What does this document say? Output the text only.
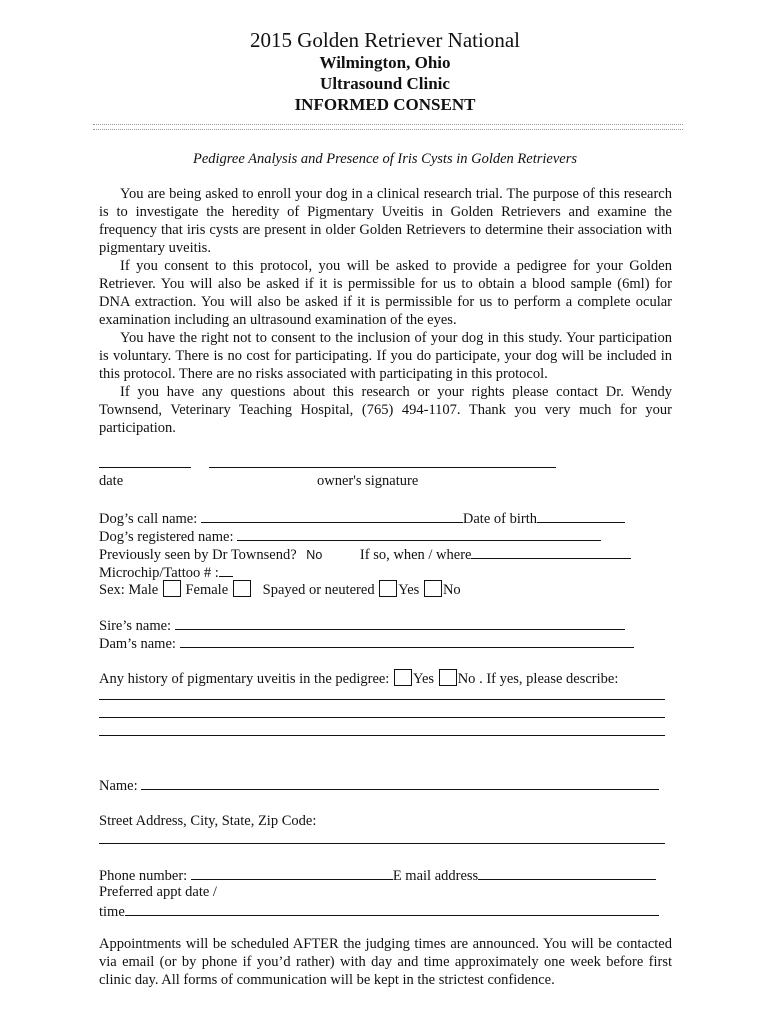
2015 Golden Retriever National
Wilmington, Ohio
Ultrasound Clinic
INFORMED CONSENT
Pedigree Analysis and Presence of Iris Cysts in Golden Retrievers

You are being asked to enroll your dog in a clinical research trial. The purpose of this research is to investigate the heredity of Pigmentary Uveitis in Golden Retrievers and examine the frequency that iris cysts are present in older Golden Retrievers to determine their association with pigmentary uveitis.

If you consent to this protocol, you will be asked to provide a pedigree for your Golden Retriever. You will also be asked if it is permissible for us to obtain a blood sample (6ml) for DNA extraction. You will also be asked if it is permissible for us to perform a complete ocular examination including an ultrasound examination of the eyes.

You have the right not to consent to the inclusion of your dog in this study. Your participation is voluntary. There is no cost for participating. If you do participate, your dog will be included in this protocol. There are no risks associated with participating in this protocol.

If you have any questions about this research or your rights please contact Dr. Wendy Townsend, Veterinary Teaching Hospital, (765) 494-1107. Thank you very much for your participation.

date	owner's signature
Dog’s call name:	Date of birth
Dog’s registered name:
Previously seen by Dr Townsend? No	If so, when / where
Microchip/Tattoo # :
Sex: Male Female Spayed or neutered Yes No
Sire’s name:
Dam’s name:
Any history of pigmentary uveitis in the pedigree: Yes No . If yes, please describe:
Name:
Street Address, City, State, Zip Code:
Phone number:	E mail address
Preferred appt date /
time
Appointments will be scheduled AFTER the judging times are announced. You will be contacted via email (or by phone if you’d rather) with day and time approximately one week before first clinic day. All forms of communication will be kept in the strictest confidence.
